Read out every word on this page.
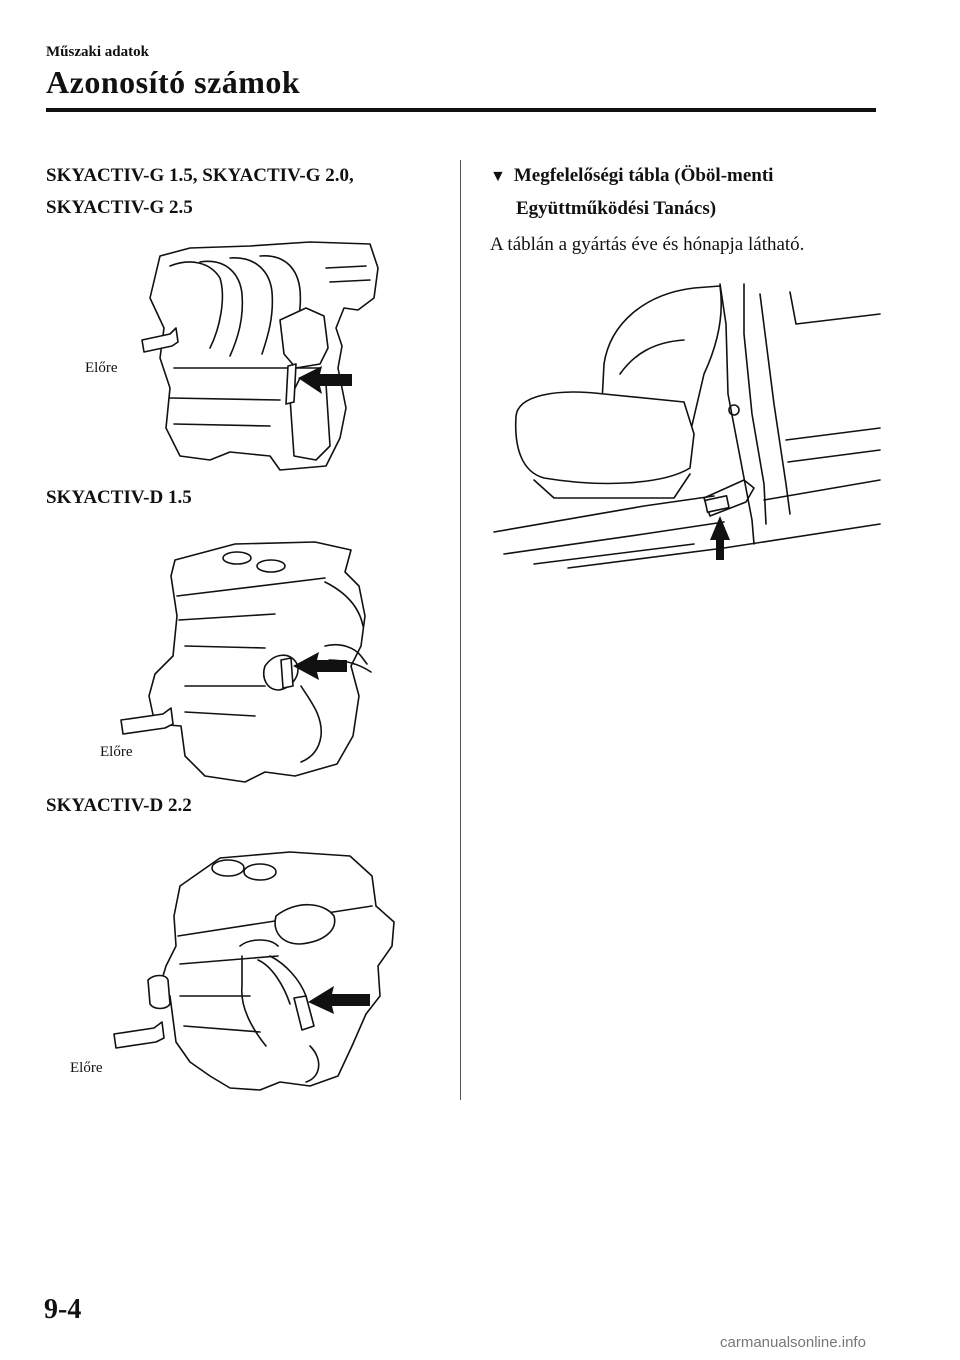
Műszaki adatok
Azonosító számok
SKYACTIV-G 1.5, SKYACTIV-G 2.0,
SKYACTIV-G 2.5
Előre
SKYACTIV-D 1.5
Előre
SKYACTIV-D 2.2
Előre
▼ Megfelelőségi tábla (Öböl-menti
Együttműködési Tanács)
A táblán a gyártás éve és hónapja látható.
9-4
carmanualsonline.info
